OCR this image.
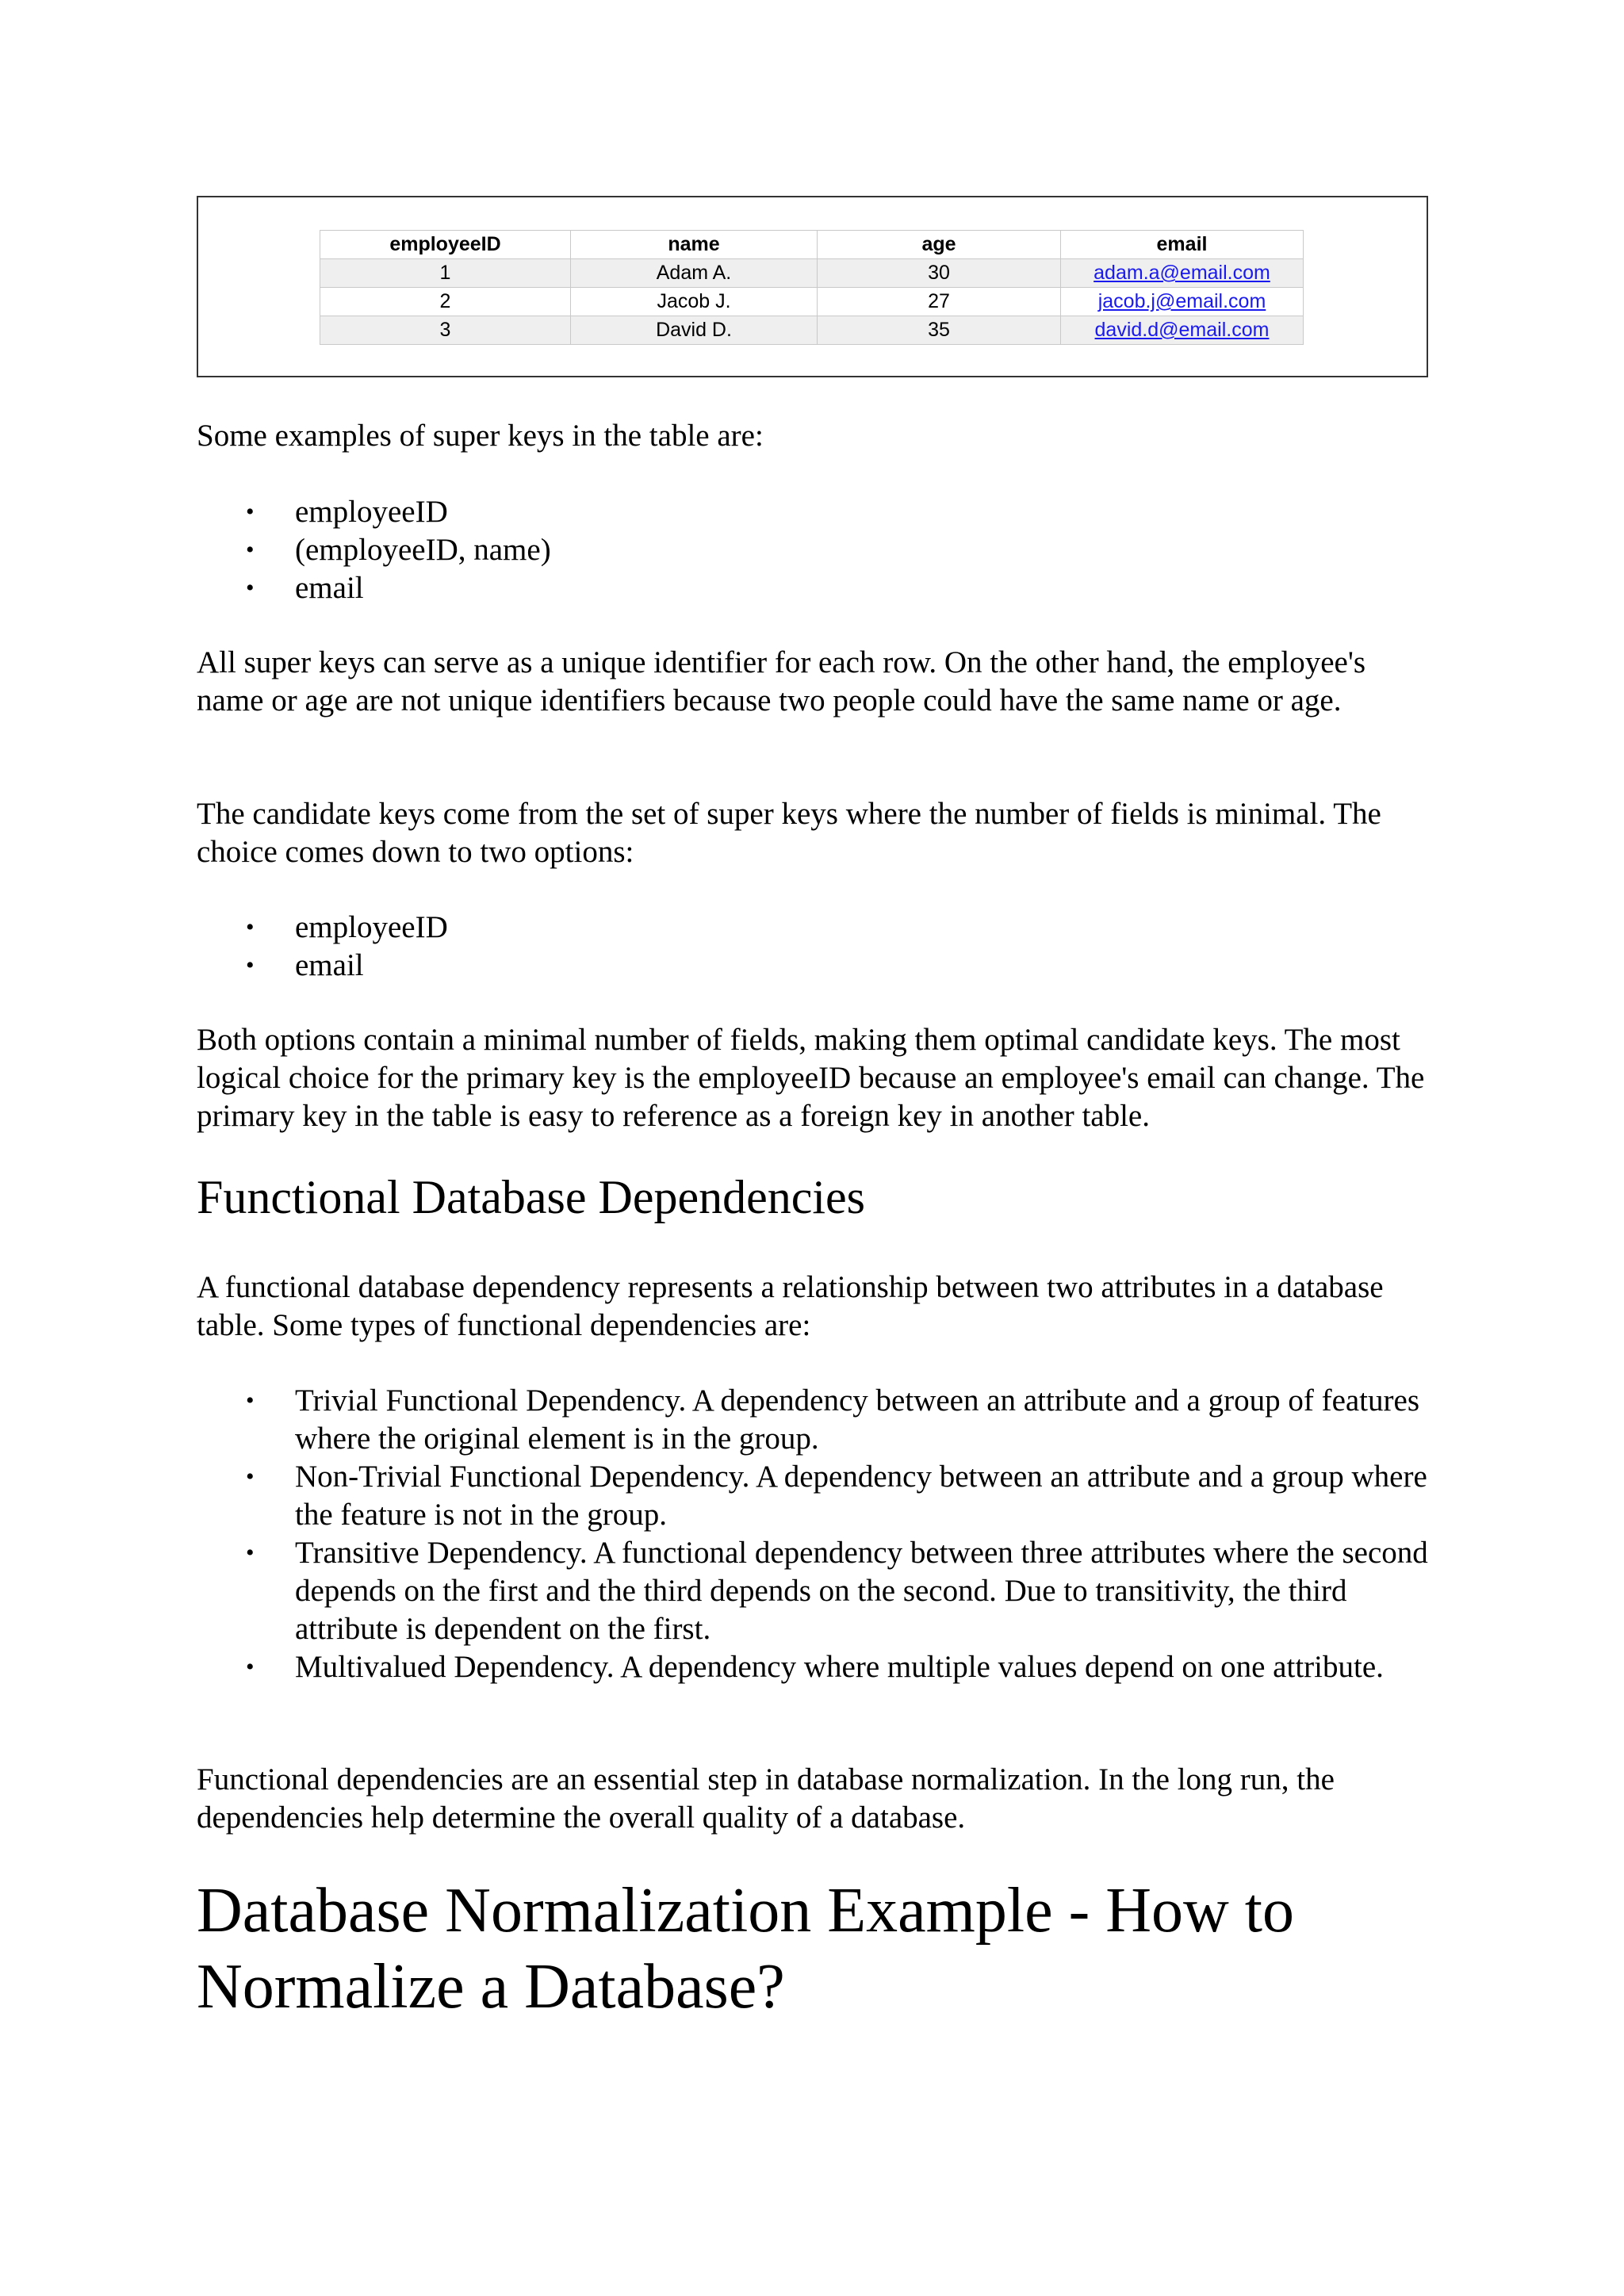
employeeID	name	age	email
1	Adam A.	30	adam.a@email.com
2	Jacob J.	27	jacob.j@email.com
3	David D.	35	david.d@email.com

Some examples of super keys in the table are:

• employeeID
• (employeeID, name)
• email

All super keys can serve as a unique identifier for each row. On the other hand, the employee's name or age are not unique identifiers because two people could have the same name or age.

The candidate keys come from the set of super keys where the number of fields is minimal. The choice comes down to two options:

• employeeID
• email

Both options contain a minimal number of fields, making them optimal candidate keys. The most logical choice for the primary key is the employeeID because an employee's email can change. The primary key in the table is easy to reference as a foreign key in another table.

Functional Database Dependencies

A functional database dependency represents a relationship between two attributes in a database table. Some types of functional dependencies are:

• Trivial Functional Dependency. A dependency between an attribute and a group of features where the original element is in the group.
• Non-Trivial Functional Dependency. A dependency between an attribute and a group where the feature is not in the group.
• Transitive Dependency. A functional dependency between three attributes where the second depends on the first and the third depends on the second. Due to transitivity, the third attribute is dependent on the first.
• Multivalued Dependency. A dependency where multiple values depend on one attribute.

Functional dependencies are an essential step in database normalization. In the long run, the dependencies help determine the overall quality of a database.

Database Normalization Example - How to Normalize a Database?
